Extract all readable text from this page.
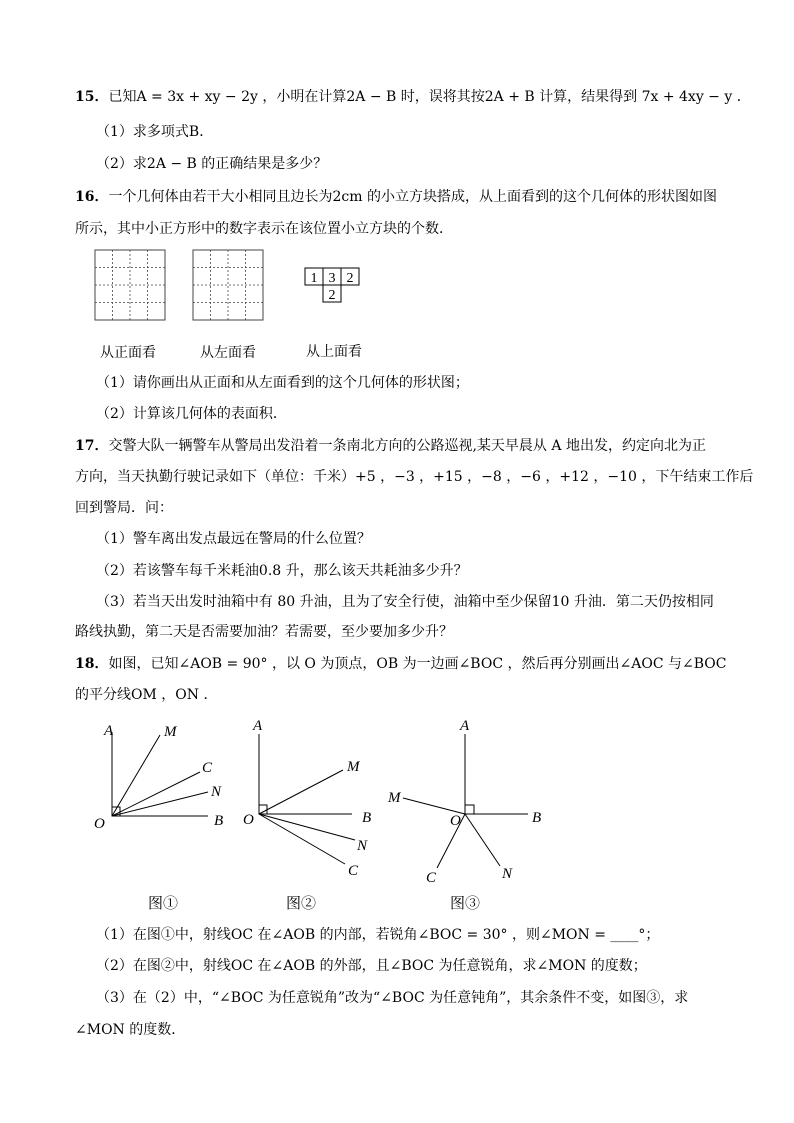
15．已知A = 3x + xy − 2y ，小明在计算2A − B 时，误将其按2A + B 计算，结果得到 7x + 4xy − y ．
（1）求多项式B．
（2）求2A − B 的正确结果是多少？
16．一个几何体由若干大小相同且边长为2cm 的小立方块搭成，从上面看到的这个几何体的形状图如图
所示，其中小正方形中的数字表示在该位置小立方块的个数．
1 3 2
2
从正面看	从左面看	从上面看
（1）请你画出从正面和从左面看到的这个几何体的形状图；
（2）计算该几何体的表面积．
17．交警大队一辆警车从警局出发沿着一条南北方向的公路巡视,某天早晨从 A 地出发，约定向北为正
方向，当天执勤行驶记录如下（单位：千米）+5 ，−3 ，+15 ，−8 ，−6 ，+12 ，−10 ，下午结束工作后
回到警局．问：
（1）警车离出发点最远在警局的什么位置？
（2）若该警车每千米耗油0.8 升，那么该天共耗油多少升？
（3）若当天出发时油箱中有 80 升油，且为了安全行使，油箱中至少保留10 升油．第二天仍按相同
路线执勤，第二天是否需要加油？若需要，至少要加多少升？
18．如图，已知∠AOB = 90° ，以 O 为顶点，OB 为一边画∠BOC ，然后再分别画出∠AOC 与∠BOC
的平分线OM ，ON ．
A	M
C
N
O	B
A
M
B
N
C
O
A
M
O	B
C	N
图①	图②	图③
（1）在图①中，射线OC 在∠AOB 的内部，若锐角∠BOC = 30° ，则∠MON = ____°；
（2）在图②中，射线OC 在∠AOB 的外部，且∠BOC 为任意锐角，求∠MON 的度数；
（3）在（2）中，“∠BOC 为任意锐角”改为“∠BOC 为任意钝角”，其余条件不变，如图③，求
∠MON 的度数．
